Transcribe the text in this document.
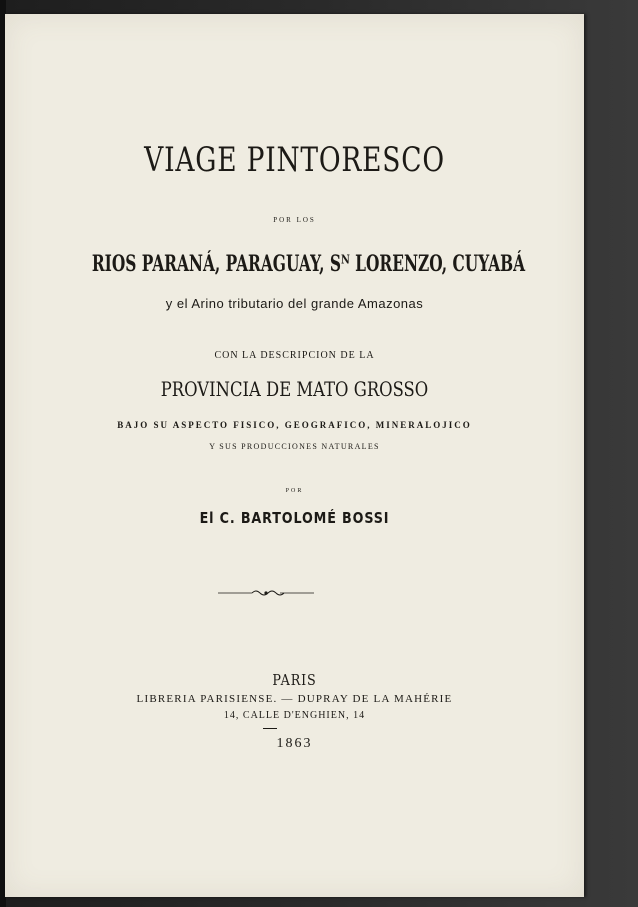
VIAGE PINTORESCO
POR LOS
RIOS PARANÁ, PARAGUAY, Sᴺ LORENZO, CUYABÁ
y el Arino tributario del grande Amazonas
CON LA DESCRIPCION DE LA
PROVINCIA DE MATO GROSSO
BAJO SU ASPECTO FISICO, GEOGRAFICO, MINERALOJICO
Y SUS PRODUCCIONES NATURALES
POR
El C. BARTOLOMÉ BOSSI
PARIS
LIBRERIA PARISIENSE. — DUPRAY DE LA MAHÉRIE
14, CALLE D'ENGHIEN, 14
1863
